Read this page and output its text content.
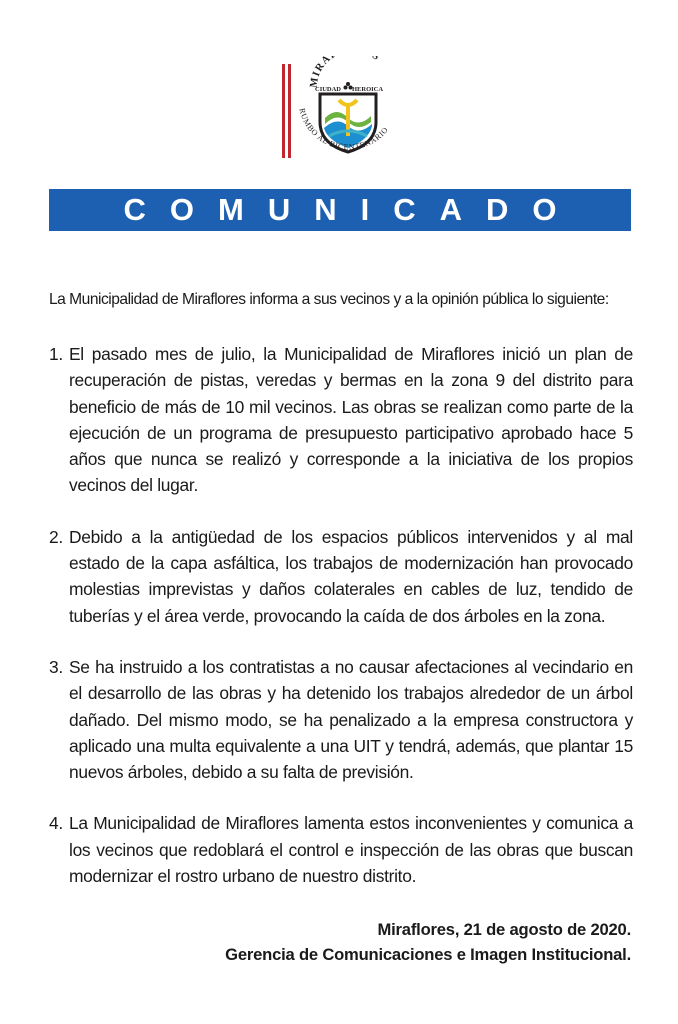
MIRA S
CIUDAD HEROICA
RUMBO AL BICENTENARIO
COMUNICADO
La Municipalidad de Miraflores informa a sus vecinos y a la opinión pública lo siguiente:
1. El pasado mes de julio, la Municipalidad de Miraflores inició un plan de recuperación de pistas, veredas y bermas en la zona 9 del distrito para beneficio de más de 10 mil vecinos. Las obras se realizan como parte de la ejecución de un programa de presupuesto participativo aprobado hace 5 años que nunca se realizó y corresponde a la iniciativa de los propios vecinos del lugar.
2. Debido a la antigüedad de los espacios públicos intervenidos y al mal estado de la capa asfáltica, los trabajos de modernización han provocado molestias imprevistas y daños colaterales en cables de luz, tendido de tuberías y el área verde, provocando la caída de dos árboles en la zona.
3. Se ha instruido a los contratistas a no causar afectaciones al vecindario en el desarrollo de las obras y ha detenido los trabajos alrededor de un árbol dañado. Del mismo modo, se ha penalizado a la empresa constructora y aplicado una multa equivalente a una UIT y tendrá, además, que plantar 15 nuevos árboles, debido a su falta de previsión.
4. La Municipalidad de Miraflores lamenta estos inconvenientes y comunica a los vecinos que redoblará el control e inspección de las obras que buscan modernizar el rostro urbano de nuestro distrito.
Miraflores, 21 de agosto de 2020.
Gerencia de Comunicaciones e Imagen Institucional.
